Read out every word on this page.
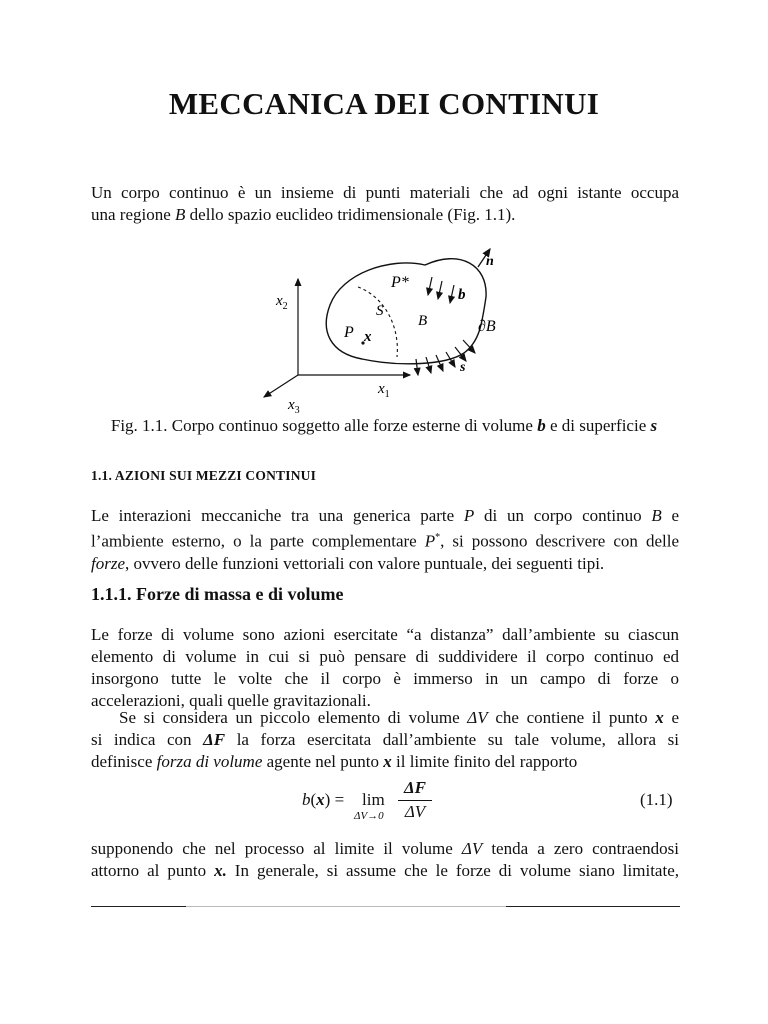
MECCANICA DEI CONTINUI
Un corpo continuo è un insieme di punti materiali che ad ogni istante occupa
una regione B dello spazio euclideo tridimensionale (Fig. 1.1).
$x_2$
$x_1$
$x_3$
n
b
P*
S
B
P x
∂B
s
Fig. 1.1. Corpo continuo soggetto alle forze esterne di volume b e di superficie s
1.1. AZIONI SUI MEZZI CONTINUI
Le interazioni meccaniche tra una generica parte P di un corpo continuo B e
l’ambiente esterno, o la parte complementare P*, si possono descrivere con delle
forze, ovvero delle funzioni vettoriali con valore puntuale, dei seguenti tipi.
1.1.1. Forze di massa e di volume
Le forze di volume sono azioni esercitate “a distanza” dall’ambiente su ciascun
elemento di volume in cui si può pensare di suddividere il corpo continuo ed
insorgono tutte le volte che il corpo è immerso in un campo di forze o
accelerazioni, quali quelle gravitazionali.
Se si considera un piccolo elemento di volume ΔV che contiene il punto x e
si indica con ΔF la forza esercitata dall’ambiente su tale volume, allora si
definisce forza di volume agente nel punto x il limite finito del rapporto
b(x) = lim
ΔV→0
ΔF
ΔV
(1.1)
supponendo che nel processo al limite il volume ΔV tenda a zero contraendosi
attorno al punto x. In generale, si assume che le forze di volume siano limitate,
